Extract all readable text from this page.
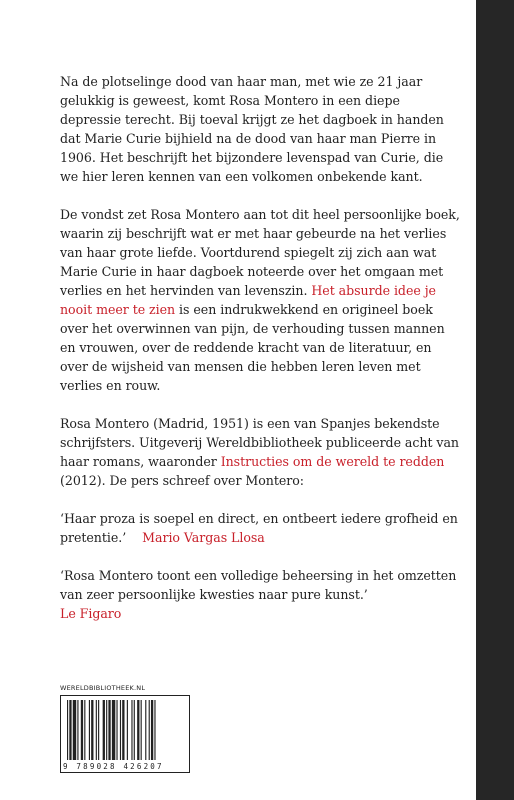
Na de plotselinge dood van haar man, met wie ze 21 jaar gelukkig is geweest, komt Rosa Montero in een diepe depressie terecht. Bij toeval krijgt ze het dagboek in handen dat Marie Curie bijhield na de dood van haar man Pierre in 1906. Het beschrijft het bijzondere levenspad van Curie, die we hier leren kennen van een volkomen onbekende kant.

De vondst zet Rosa Montero aan tot dit heel persoonlijke boek, waarin zij beschrijft wat er met haar gebeurde na het verlies van haar grote liefde. Voortdurend spiegelt zij zich aan wat Marie Curie in haar dagboek noteerde over het omgaan met verlies en het hervinden van levenszin. Het absurde idee je nooit meer te zien is een indrukwekkend en origineel boek over het overwinnen van pijn, de verhouding tussen mannen en vrouwen, over de reddende kracht van de literatuur, en over de wijsheid van mensen die hebben leren leven met verlies en rouw.

Rosa Montero (Madrid, 1951) is een van Spanjes bekendste schrijfsters. Uitgeverij Wereldbibliotheek publiceerde acht van haar romans, waaronder Instructies om de wereld te redden (2012). De pers schreef over Montero:

‘Haar proza is soepel en direct, en ontbeert iedere grofheid en pretentie.’ Mario Vargas Llosa

‘Rosa Montero toont een volledige beheersing in het omzetten van zeer persoonlijke kwesties naar pure kunst.’
Le Figaro

WERELDBIBLIOTHEEK.NL
9 789028 426207
